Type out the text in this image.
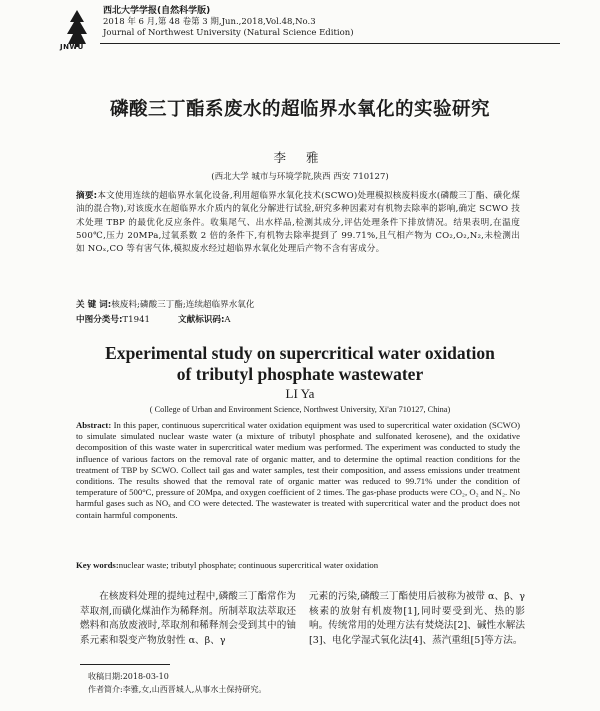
JNWU
西北大学学报(自然科学版)
2018 年 6 月,第 48 卷第 3 期,Jun.,2018,Vol.48,No.3
Journal of Northwest University (Natural Science Edition)
磷酸三丁酯系废水的超临界水氧化的实验研究
李 雅
(西北大学 城市与环境学院,陕西 西安 710127)
摘要:本文使用连续的超临界水氧化设备,利用超临界水氧化技术(SCWO)处理模拟核废料废水(磷酸三丁酯、磺化煤油的混合物),对该废水在超临界水介质内的氧化分解进行试验,研究多种因素对有机物去除率的影响,确定 SCWO 技术处理 TBP 的最优化反应条件。收集尾气、出水样品,检测其成分,评估处理条件下排放情况。结果表明,在温度 500℃,压力 20MPa,过氧系数 2 倍的条件下,有机物去除率提到了 99.71%,且气相产物为 CO₂,O₂,N₂,未检测出如 NOₓ,CO 等有害气体,模拟废水经过超临界水氧化处理后产物不含有害成分。
关 键 词:核废料;磷酸三丁酯;连续超临界水氧化
中图分类号:T1941	文献标识码:A
Experimental study on supercritical water oxidation
of tributyl phosphate wastewater
LI Ya
( College of Urban and Environment Science, Northwest University, Xi'an 710127, China)
Abstract: In this paper, continuous supercritical water oxidation equipment was used to supercritical water oxidation (SCWO) to simulate simulated nuclear waste water (a mixture of tributyl phosphate and sulfonated kerosene), and the oxidative decomposition of this waste water in supercritical water medium was performed. The experiment was conducted to study the influence of various factors on the removal rate of organic matter, and to determine the optimal reaction conditions for the treatment of TBP by SCWO. Collect tail gas and water samples, test their composition, and assess emissions under treatment conditions. The results showed that the removal rate of organic matter was reduced to 99.71% under the condition of temperature of 500°C, pressure of 20Mpa, and oxygen coefficient of 2 times. The gas-phase products were CO₂, O₂ and N₂. No harmful gases such as NOₓ and CO were detected. The wastewater is treated with supercritical water and the product does not contain harmful components.
Key words:nuclear waste; tributyl phosphate; continuous supercritical water oxidation
在核废料处理的提纯过程中,磷酸三丁酯常作为萃取剂,而磺化煤油作为稀释剂。所制萃取法萃取还燃料和高放废液时,萃取剂和稀释剂会受到其中的铀系元素和裂变产物放射性 α、β、γ
元素的污染,磷酸三丁酯使用后被称为被带 α、β、γ 核素的放射有机废物[1],同时要受到光、热的影响。传统常用的处理方法有焚烧法[2]、碱性水解法[3]、电化学湿式氧化法[4]、蒸汽重组[5]等方法。
收稿日期:2018-03-10
作者简介:李雅,女,山西晋城人,从事水土保持研究。
